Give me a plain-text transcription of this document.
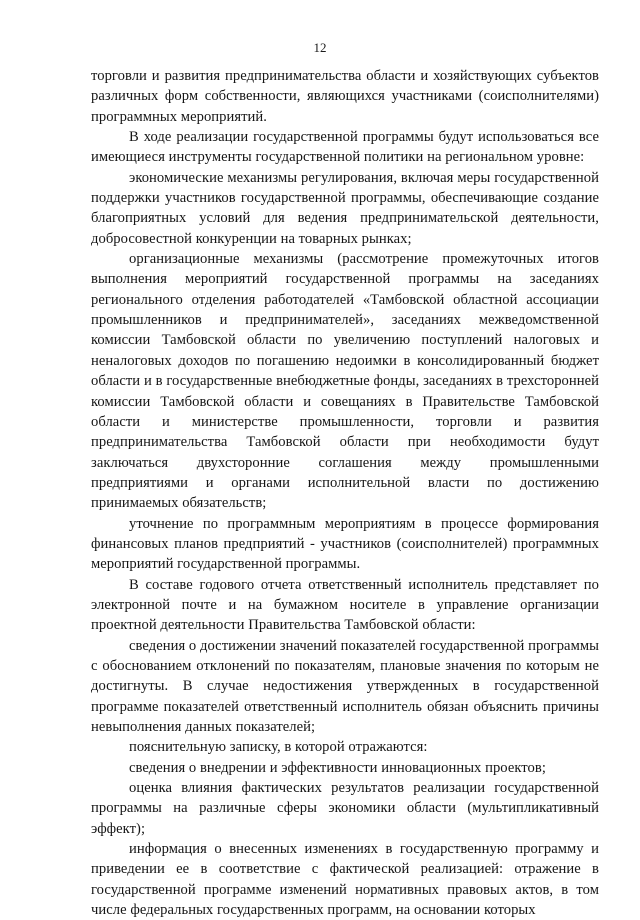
12

торговли и развития предпринимательства области и хозяйствующих субъектов различных форм собственности, являющихся участниками (соисполнителями) программных мероприятий.

В ходе реализации государственной программы будут использоваться все имеющиеся инструменты государственной политики на региональном уровне:

экономические механизмы регулирования, включая меры государственной поддержки участников государственной программы, обеспечивающие создание благоприятных условий для ведения предпринимательской деятельности, добросовестной конкуренции на товарных рынках;

организационные механизмы (рассмотрение промежуточных итогов выполнения мероприятий государственной программы на заседаниях регионального отделения работодателей «Тамбовской областной ассоциации промышленников и предпринимателей», заседаниях межведомственной комиссии Тамбовской области по увеличению поступлений налоговых и неналоговых доходов по погашению недоимки в консолидированный бюджет области и в государственные внебюджетные фонды, заседаниях в трехсторонней комиссии Тамбовской области и совещаниях в Правительстве Тамбовской области и министерстве промышленности, торговли и развития предпринимательства Тамбовской области при необходимости будут заключаться двухсторонние соглашения между промышленными предприятиями и органами исполнительной власти по достижению принимаемых обязательств;

уточнение по программным мероприятиям в процессе формирования финансовых планов предприятий - участников (соисполнителей) программных мероприятий государственной программы.

В составе годового отчета ответственный исполнитель представляет по электронной почте и на бумажном носителе в управление организации проектной деятельности Правительства Тамбовской области:

сведения о достижении значений показателей государственной программы с обоснованием отклонений по показателям, плановые значения по которым не достигнуты. В случае недостижения утвержденных в государственной программе показателей ответственный исполнитель обязан объяснить причины невыполнения данных показателей;

пояснительную записку, в которой отражаются:

сведения о внедрении и эффективности инновационных проектов;

оценка влияния фактических результатов реализации государственной программы на различные сферы экономики области (мультипликативный эффект);

информация о внесенных изменениях в государственную программу и приведении ее в соответствие с фактической реализацией: отражение в государственной программе изменений нормативных правовых актов, в том числе федеральных государственных программ, на основании которых
